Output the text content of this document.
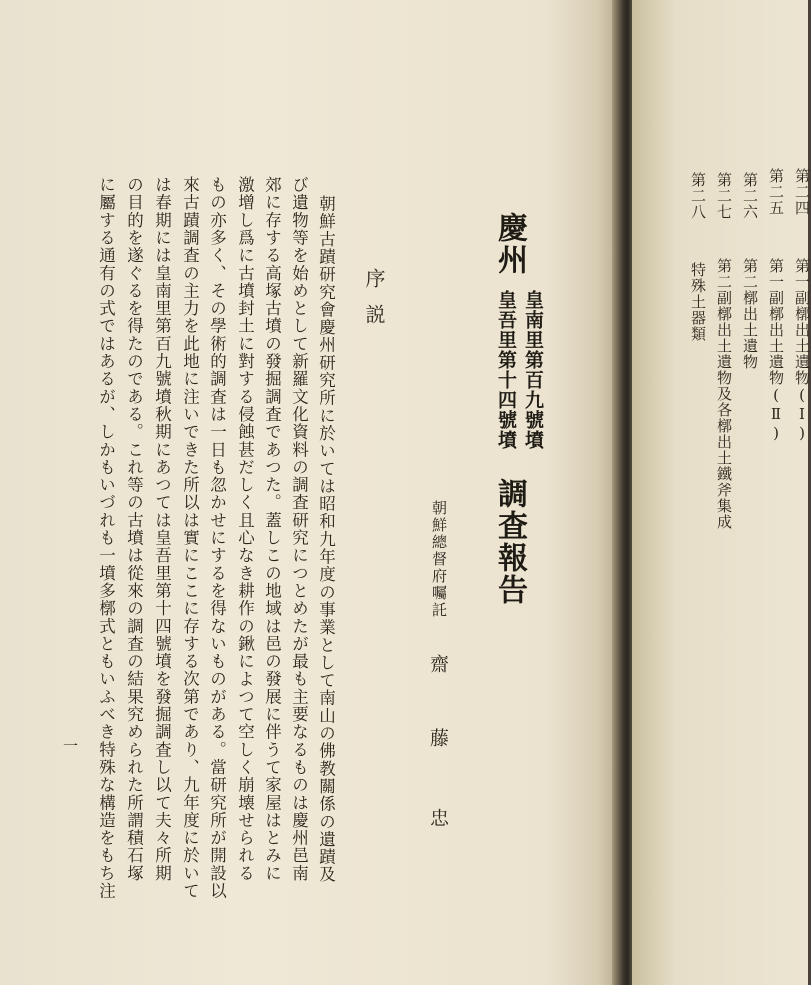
慶州
皇南里第百九號墳
皇吾里第十四號墳
調査報告
朝鮮總督府囑託
齋
藤
忠
序説
朝鮮古蹟研究會慶州研究所に於いては昭和九年度の事業として南山の佛教關係の遺蹟及
び遺物等を始めとして新羅文化資料の調査研究につとめたが最も主要なるものは慶州邑南
郊に存する高塚古墳の發掘調査であつた。蓋しこの地域は邑の發展に伴うて家屋はとみに
激增し爲に古墳封土に對する侵蝕甚だしく且心なき耕作の鍬によつて空しく崩壊せられる
もの亦多く、その學術的調査は一日も忽かせにするを得ないものがある。當研究所が開設以
來古蹟調査の主力を此地に注いできた所以は實にここに存する次第であり、九年度に於いて
は春期には皇南里第百九號墳秋期にあつては皇吾里第十四號墳を發掘調査し以て夫々所期
の目的を遂ぐるを得たのである。これ等の古墳は從來の調査の結果究められた所謂積石塚
に屬する通有の式ではあるが、しかもいづれも一墳多槨式ともいふべき特殊な構造をもち注
一
第二四
第一副槨出土遺物(Ⅰ)
第二五
第一副槨出土遺物(Ⅱ)
第二六
第二槨出土遺物
第二七
第二副槨出土遺物及各槨出土鐵斧集成
第二八
特殊土器類
